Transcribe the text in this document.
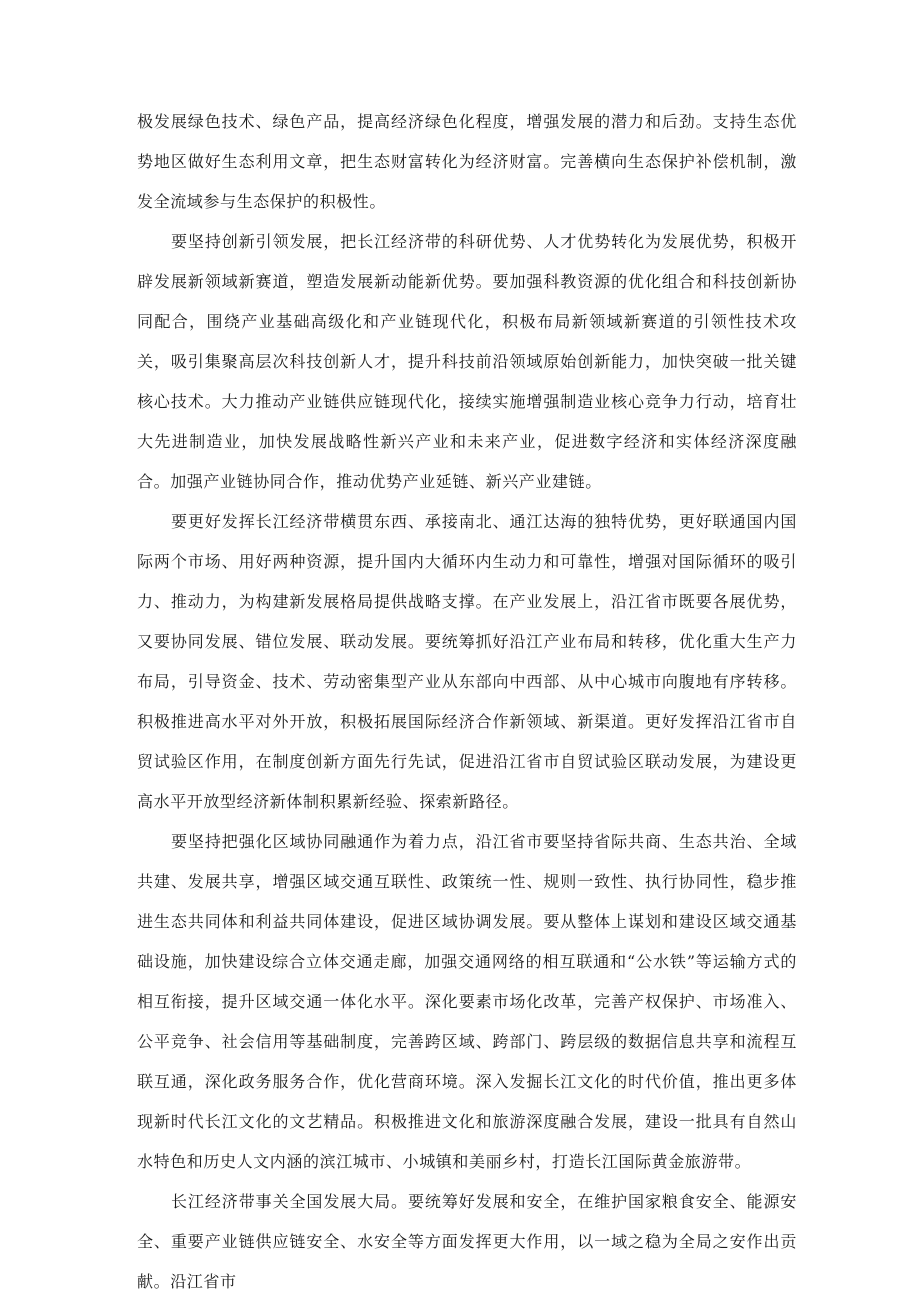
极发展绿色技术、绿色产品，提高经济绿色化程度，增强发展的潜力和后劲。支持生态优势地区做好生态利用文章，把生态财富转化为经济财富。完善横向生态保护补偿机制，激发全流域参与生态保护的积极性。

要坚持创新引领发展，把长江经济带的科研优势、人才优势转化为发展优势，积极开辟发展新领域新赛道，塑造发展新动能新优势。要加强科教资源的优化组合和科技创新协同配合，围绕产业基础高级化和产业链现代化，积极布局新领域新赛道的引领性技术攻关，吸引集聚高层次科技创新人才，提升科技前沿领域原始创新能力，加快突破一批关键核心技术。大力推动产业链供应链现代化，接续实施增强制造业核心竞争力行动，培育壮大先进制造业，加快发展战略性新兴产业和未来产业，促进数字经济和实体经济深度融合。加强产业链协同合作，推动优势产业延链、新兴产业建链。

要更好发挥长江经济带横贯东西、承接南北、通江达海的独特优势，更好联通国内国际两个市场、用好两种资源，提升国内大循环内生动力和可靠性，增强对国际循环的吸引力、推动力，为构建新发展格局提供战略支撑。在产业发展上，沿江省市既要各展优势，又要协同发展、错位发展、联动发展。要统筹抓好沿江产业布局和转移，优化重大生产力布局，引导资金、技术、劳动密集型产业从东部向中西部、从中心城市向腹地有序转移。积极推进高水平对外开放，积极拓展国际经济合作新领域、新渠道。更好发挥沿江省市自贸试验区作用，在制度创新方面先行先试，促进沿江省市自贸试验区联动发展，为建设更高水平开放型经济新体制积累新经验、探索新路径。

要坚持把强化区域协同融通作为着力点，沿江省市要坚持省际共商、生态共治、全域共建、发展共享，增强区域交通互联性、政策统一性、规则一致性、执行协同性，稳步推进生态共同体和利益共同体建设，促进区域协调发展。要从整体上谋划和建设区域交通基础设施，加快建设综合立体交通走廊，加强交通网络的相互联通和“公水铁”等运输方式的相互衔接，提升区域交通一体化水平。深化要素市场化改革，完善产权保护、市场准入、公平竞争、社会信用等基础制度，完善跨区域、跨部门、跨层级的数据信息共享和流程互联互通，深化政务服务合作，优化营商环境。深入发掘长江文化的时代价值，推出更多体现新时代长江文化的文艺精品。积极推进文化和旅游深度融合发展，建设一批具有自然山水特色和历史人文内涵的滨江城市、小城镇和美丽乡村，打造长江国际黄金旅游带。

长江经济带事关全国发展大局。要统筹好发展和安全，在维护国家粮食安全、能源安全、重要产业链供应链安全、水安全等方面发挥更大作用，以一域之稳为全局之安作出贡献。沿江省市
